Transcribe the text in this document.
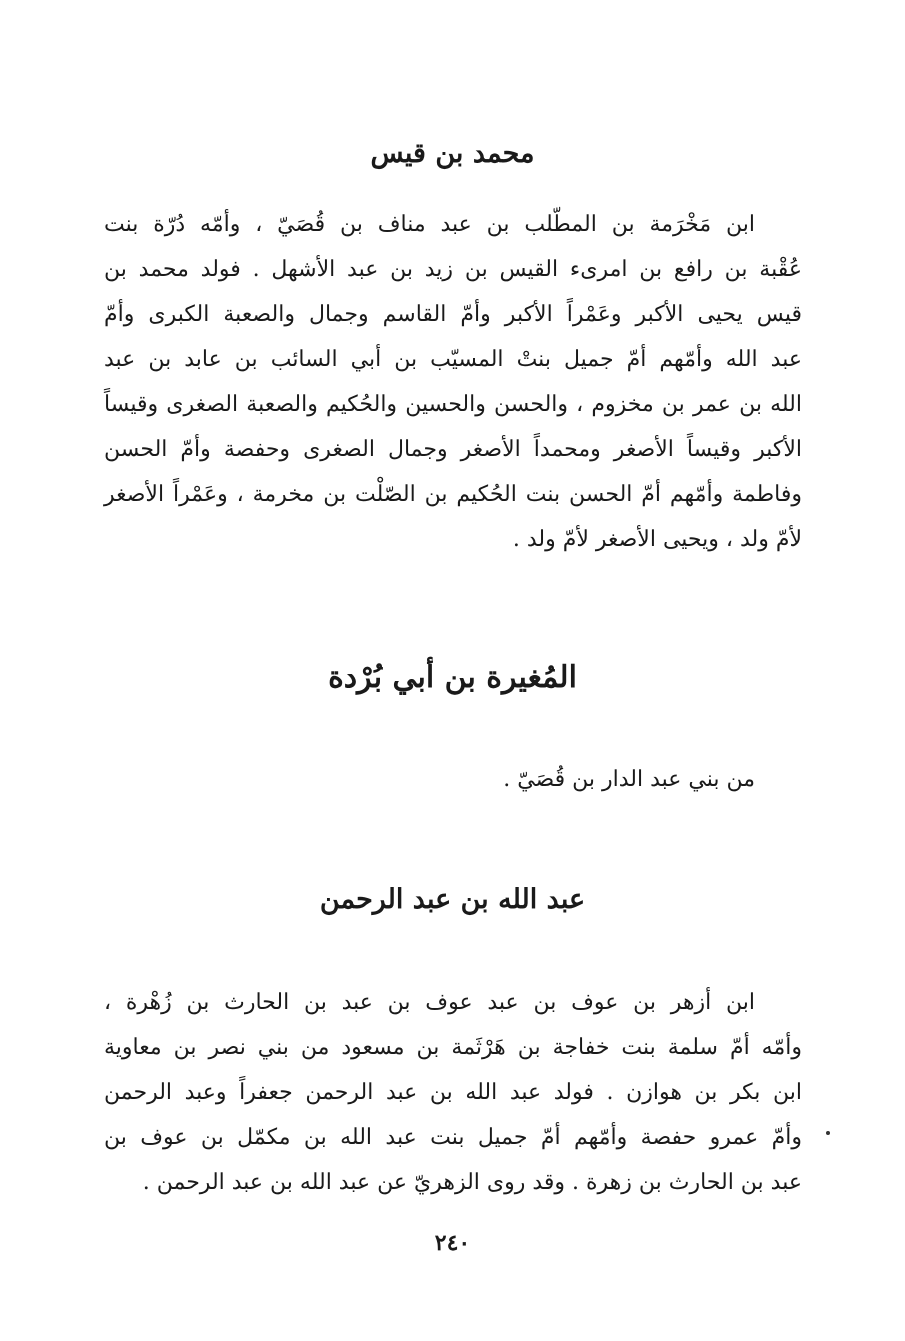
محمد بن قيس

ابن مَخْرَمة بن المطّلب بن عبد مناف بن قُصَيّ ، وأمّه دُرّة بنت

عُقْبة بن رافع بن امرىء القيس بن زيد بن عبد الأشهل . فولد محمد بن

قيس يحيى الأكبر وعَمْراً الأكبر وأمّ القاسم وجمال والصعبة الكبرى وأمّ

عبد الله وأمّهم أمّ جميل بنتْ المسيّب بن أبي السائب بن عابد بن عبد

الله بن عمر بن مخزوم ، والحسن والحسين والحُكيم والصعبة الصغرى وقيساً

الأكبر وقيساً الأصغر ومحمداً الأصغر وجمال الصغرى وحفصة وأمّ الحسن

وفاطمة وأمّهم أمّ الحسن بنت الحُكيم بن الصّلْت بن مخرمة ، وعَمْراً الأصغر

لأمّ ولد ، ويحيى الأصغر لأمّ ولد .

المُغيرة بن أبي بُرْدة

من بني عبد الدار بن قُصَيّ .

عبد الله بن عبد الرحمن

ابن أزهر بن عوف بن عبد عوف بن عبد بن الحارث بن زُهْرة ،

وأمّه أمّ سلمة بنت خفاجة بن هَرْثَمة بن مسعود من بني نصر بن معاوية

ابن بكر بن هوازن . فولد عبد الله بن عبد الرحمن جعفراً وعبد الرحمن

وأمّ عمرو حفصة وأمّهم أمّ جميل بنت عبد الله بن مكمّل بن عوف بن

عبد بن الحارث بن زهرة . وقد روى الزهريّ عن عبد الله بن عبد الرحمن .

٢٤٠
